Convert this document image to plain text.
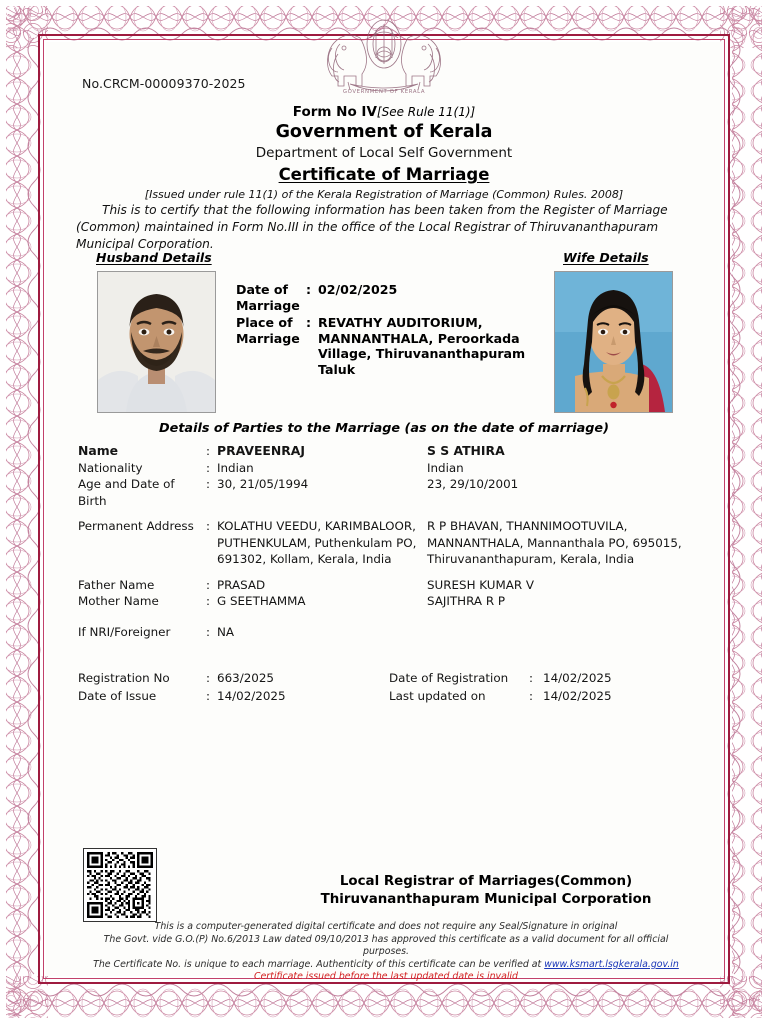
GOVERNMENT OF KERALA
No.CRCM-00009370-2025
Form No IV[See Rule 11(1)]
Government of Kerala
Department of Local Self Government
Certificate of Marriage
[Issued under rule 11(1) of the Kerala Registration of Marriage (Common) Rules. 2008]
This is to certify that the following information has been taken from the Register of Marriage (Common) maintained in Form No.III in the office of the Local Registrar of Thiruvananthapuram Municipal Corporation.
Husband Details	Wife Details
Date of Marriage
: 02/02/2025
Place of Marriage
: REVATHY AUDITORIUM, MANNANTHALA, Peroorkada Village, Thiruvananthapuram Taluk
Details of Parties to the Marriage (as on the date of marriage)
Name	: PRAVEENRAJ	S S ATHIRA
Nationality	: Indian	Indian
Age and Date of Birth
: 30, 21/05/1994	23, 29/10/2001
Permanent Address	: KOLATHU VEEDU, KARIMBALOOR, PUTHENKULAM, Puthenkulam PO, 691302, Kollam, Kerala, India
R P BHAVAN, THANNIMOOTUVILA, MANNANTHALA, Mannanthala PO, 695015, Thiruvananthapuram, Kerala, India
Father Name	: PRASAD	SURESH KUMAR V
Mother Name	: G SEETHAMMA	SAJITHRA R P
If NRI/Foreigner	: NA
Registration No	: 663/2025	Date of Registration	: 14/02/2025
Date of Issue	: 14/02/2025	Last updated on	: 14/02/2025
Local Registrar of Marriages(Common)
Thiruvananthapuram Municipal Corporation
This is a computer-generated digital certificate and does not require any Seal/Signature in original
The Govt. vide G.O.(P) No.6/2013 Law dated 09/10/2013 has approved this certificate as a valid document for all official purposes.
The Certificate No. is unique to each marriage. Authenticity of this certificate can be verified at www.ksmart.lsgkerala.gov.in
Certificate issued before the last updated date is invalid
